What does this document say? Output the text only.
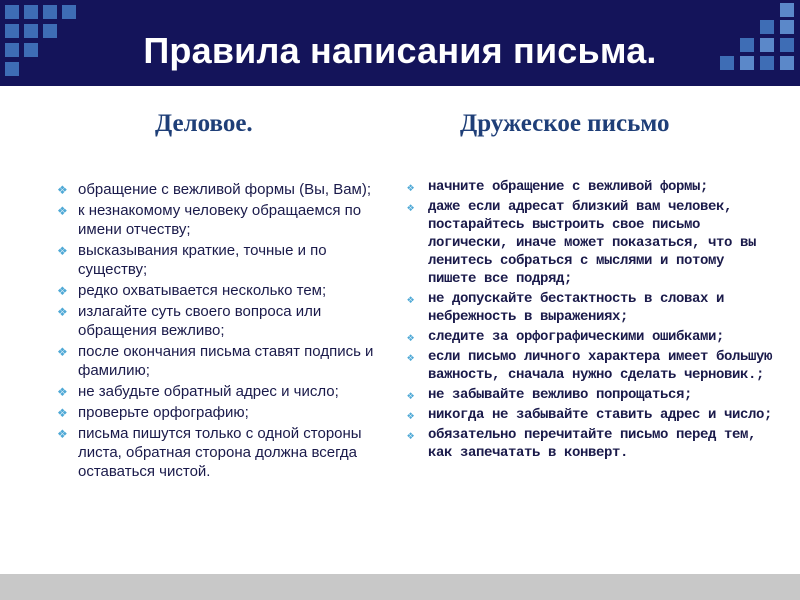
Правила написания письма.
Деловое.	Дружеское письмо
❖ обращение с вежливой формы (Вы, Вам);
❖ к незнакомому человеку обращаемся по имени отчеству;
❖ высказывания краткие, точные и по существу;
❖ редко охватывается несколько тем;
❖ излагайте суть своего вопроса или обращения вежливо;
❖ после окончания письма ставят подпись и фамилию;
❖ не забудьте обратный адрес и число;
❖ проверьте орфографию;
❖ письма пишутся только с одной стороны листа, обратная сторона должна всегда оставаться чистой.
❖ начните обращение с вежливой формы;
❖ даже если адресат близкий вам человек, постарайтесь выстроить свое письмо логически, иначе может показаться, что вы ленитесь собраться с мыслями и потому пишете все подряд;
❖ не допускайте бестактность в словах и небрежность в выражениях;
❖ следите за орфографическими ошибками;
❖ если письмо личного характера имеет большую важность, сначала нужно сделать черновик.;
❖ не забывайте вежливо попрощаться;
❖ никогда не забывайте ставить адрес и число;
❖ обязательно перечитайте письмо перед тем, как запечатать в конверт.
